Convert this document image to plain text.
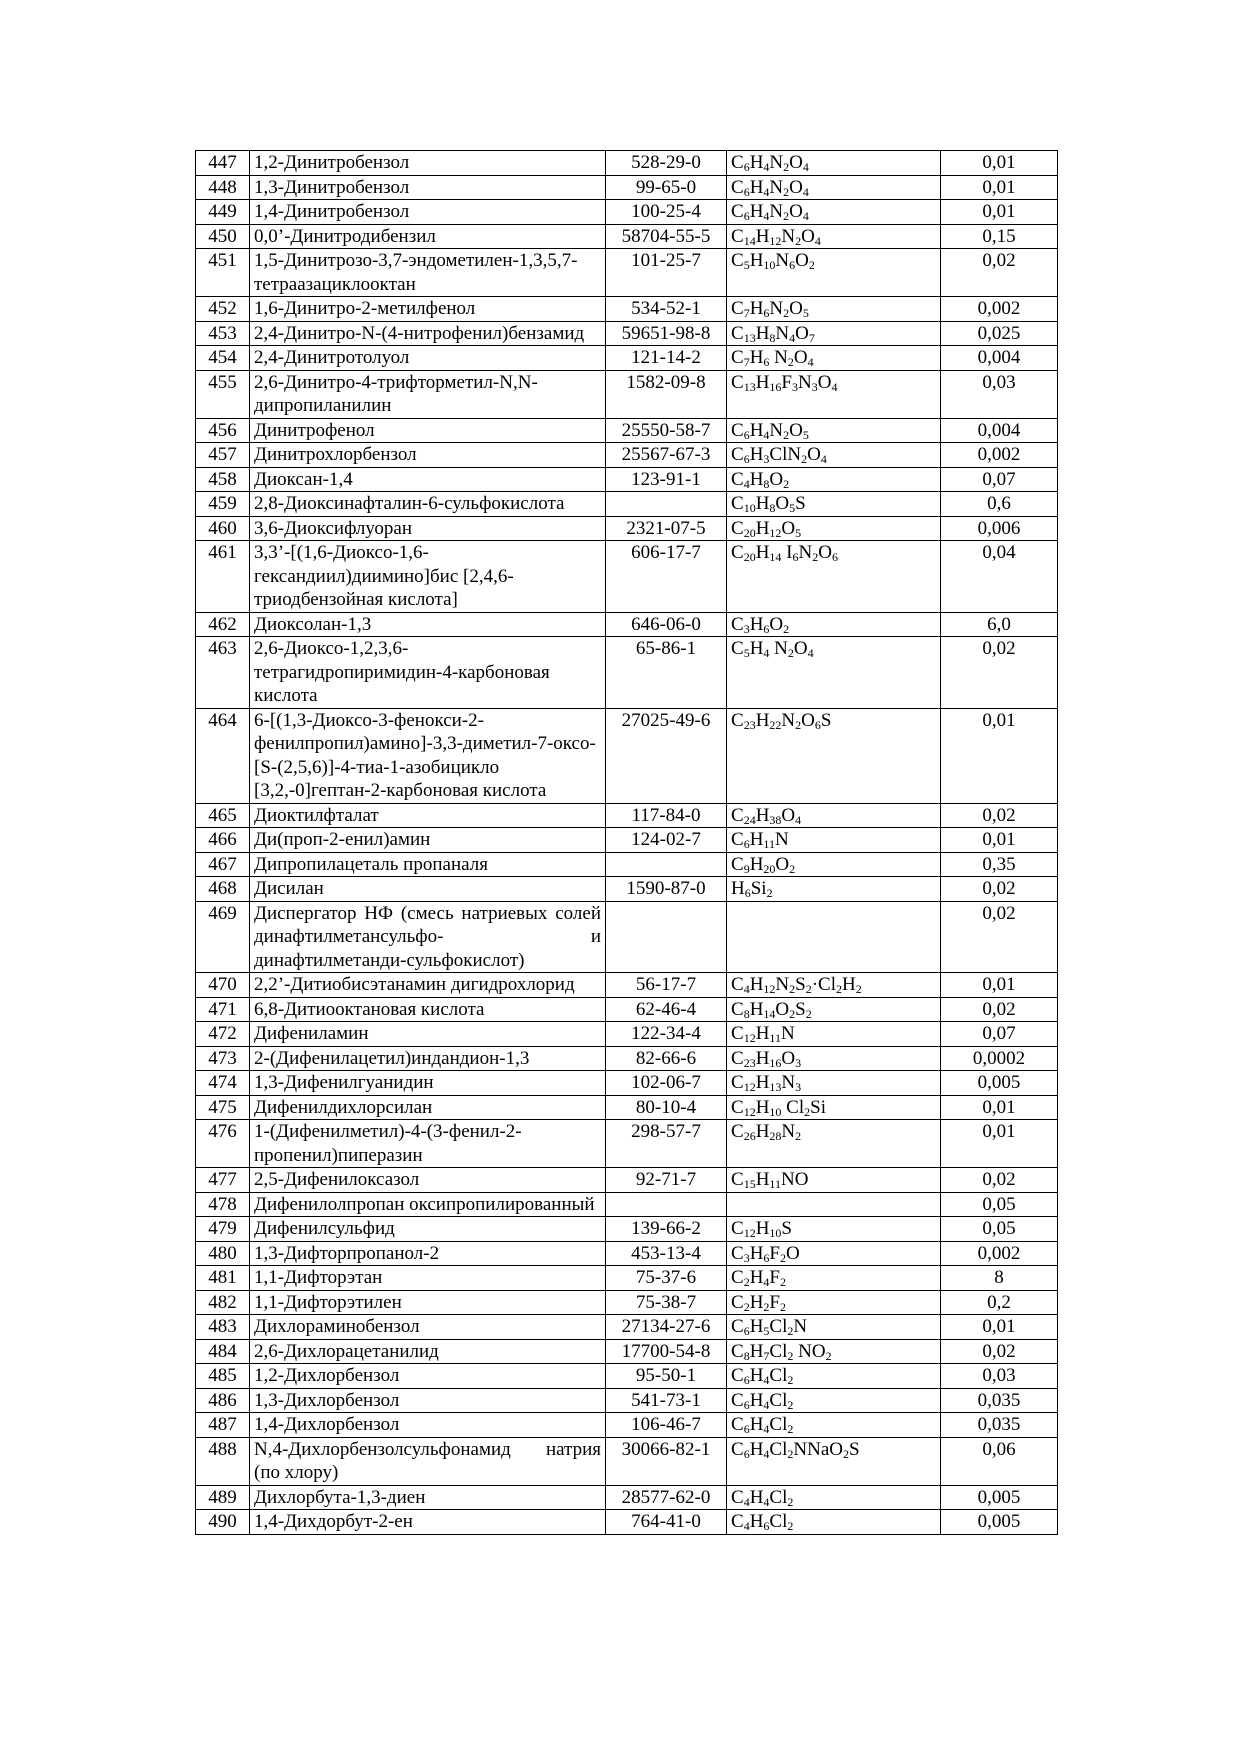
447	1,2-Динитробензол	528-29-0	$C_6H_4N_2O_4$	0,01
448	1,3-Динитробензол	99-65-0	$C_6H_4N_2O_4$	0,01
449	1,4-Динитробензол	100-25-4	$C_6H_4N_2O_4$	0,01
450	0,0’-Динитродибензил	58704-55-5	$C_{14}H_{12}N_2O_4$	0,15
451	1,5-Динитрозо-3,7-эндометилен-1,3,5,7-тетраазациклооктан	101-25-7	$C_5H_{10}N_6O_2$	0,02
452	1,6-Динитро-2-метилфенол	534-52-1	$C_7H_6N_2O_5$	0,002
453	2,4-Динитро-N-(4-нитрофенил)бензамид	59651-98-8	$C_{13}H_8N_4O_7$	0,025
454	2,4-Динитротолуол	121-14-2	$C_7H_6$ $N_2O_4$	0,004
455	2,6-Динитро-4-трифторметил-N,N-дипропиланилин	1582-09-8	$C_{13}H_{16}F_3N_3O_4$	0,03
456	Динитрофенол	25550-58-7	$C_6H_4N_2O_5$	0,004
457	Динитрохлорбензол	25567-67-3	$C_6H_3ClN_2O_4$	0,002
458	Диоксан-1,4	123-91-1	$C_4H_8O_2$	0,07
459	2,8-Диоксинафталин-6-сульфокислота		$C_{10}H_8O_5S$	0,6
460	3,6-Диоксифлуоран	2321-07-5	$C_{20}H_{12}O_5$	0,006
461	3,3’-[(1,6-Диоксо-1,6-гександиил)диимино]бис [2,4,6-триодбензойная кислота]	606-17-7	$C_{20}H_{14}$ $I_6N_2O_6$	0,04
462	Диоксолан-1,3	646-06-0	$C_3H_6O_2$	6,0
463	2,6-Диоксо-1,2,3,6-тетрагидропиримидин-4-карбоновая кислота	65-86-1	$C_5H_4$ $N_2O_4$	0,02
464	6-[(1,3-Диоксо-3-фенокси-2-фенилпропил)амино]-3,3-диметил-7-оксо-[S-(2,5,6)]-4-тиа-1-азобицикло [3,2,-0]гептан-2-карбоновая кислота	27025-49-6	$C_{23}H_{22}N_2O_6S$	0,01
465	Диоктилфталат	117-84-0	$C_{24}H_{38}O_4$	0,02
466	Ди(проп-2-енил)амин	124-02-7	$C_6H_{11}N$	0,01
467	Дипропилацеталь пропаналя		$C_9H_{20}O_2$	0,35
468	Дисилан	1590-87-0	$H_6Si_2$	0,02
469	Диспергатор НФ (смесь натриевых солей динафтилметансульфо- и динафтилметанди-сульфокислот)			0,02
470	2,2’-Дитиобисэтанамин дигидрохлорид	56-17-7	$C_4H_{12}N_2S_2\cdot Cl_2H_2$	0,01
471	6,8-Дитиооктановая кислота	62-46-4	$C_8H_{14}O_2S_2$	0,02
472	Дифениламин	122-34-4	$C_{12}H_{11}N$	0,07
473	2-(Дифенилацетил)индандион-1,3	82-66-6	$C_{23}H_{16}O_3$	0,0002
474	1,3-Дифенилгуанидин	102-06-7	$C_{12}H_{13}N_3$	0,005
475	Дифенилдихлорсилан	80-10-4	$C_{12}H_{10}$ $Cl_2Si$	0,01
476	1-(Дифенилметил)-4-(3-фенил-2-пропенил)пиперазин	298-57-7	$C_{26}H_{28}N_2$	0,01
477	2,5-Дифенилоксазол	92-71-7	$C_{15}H_{11}NO$	0,02
478	Дифенилолпропан оксипропилированный			0,05
479	Дифенилсульфид	139-66-2	$C_{12}H_{10}S$	0,05
480	1,3-Дифторпропанол-2	453-13-4	$C_3H_6F_2O$	0,002
481	1,1-Дифторэтан	75-37-6	$C_2H_4F_2$	8
482	1,1-Дифторэтилен	75-38-7	$C_2H_2F_2$	0,2
483	Дихлораминобензол	27134-27-6	$C_6H_5Cl_2N$	0,01
484	2,6-Дихлорацетанилид	17700-54-8	$C_8H_7Cl_2$ $NO_2$	0,02
485	1,2-Дихлорбензол	95-50-1	$C_6H_4Cl_2$	0,03
486	1,3-Дихлорбензол	541-73-1	$C_6H_4Cl_2$	0,035
487	1,4-Дихлорбензол	106-46-7	$C_6H_4Cl_2$	0,035
488	N,4-Дихлорбензолсульфонамид натрия (по хлору)	30066-82-1	$C_6H_4Cl_2NNaO_2S$	0,06
489	Дихлорбута-1,3-диен	28577-62-0	$C_4H_4Cl_2$	0,005
490	1,4-Дихдорбут-2-ен	764-41-0	$C_4H_6Cl_2$	0,005
